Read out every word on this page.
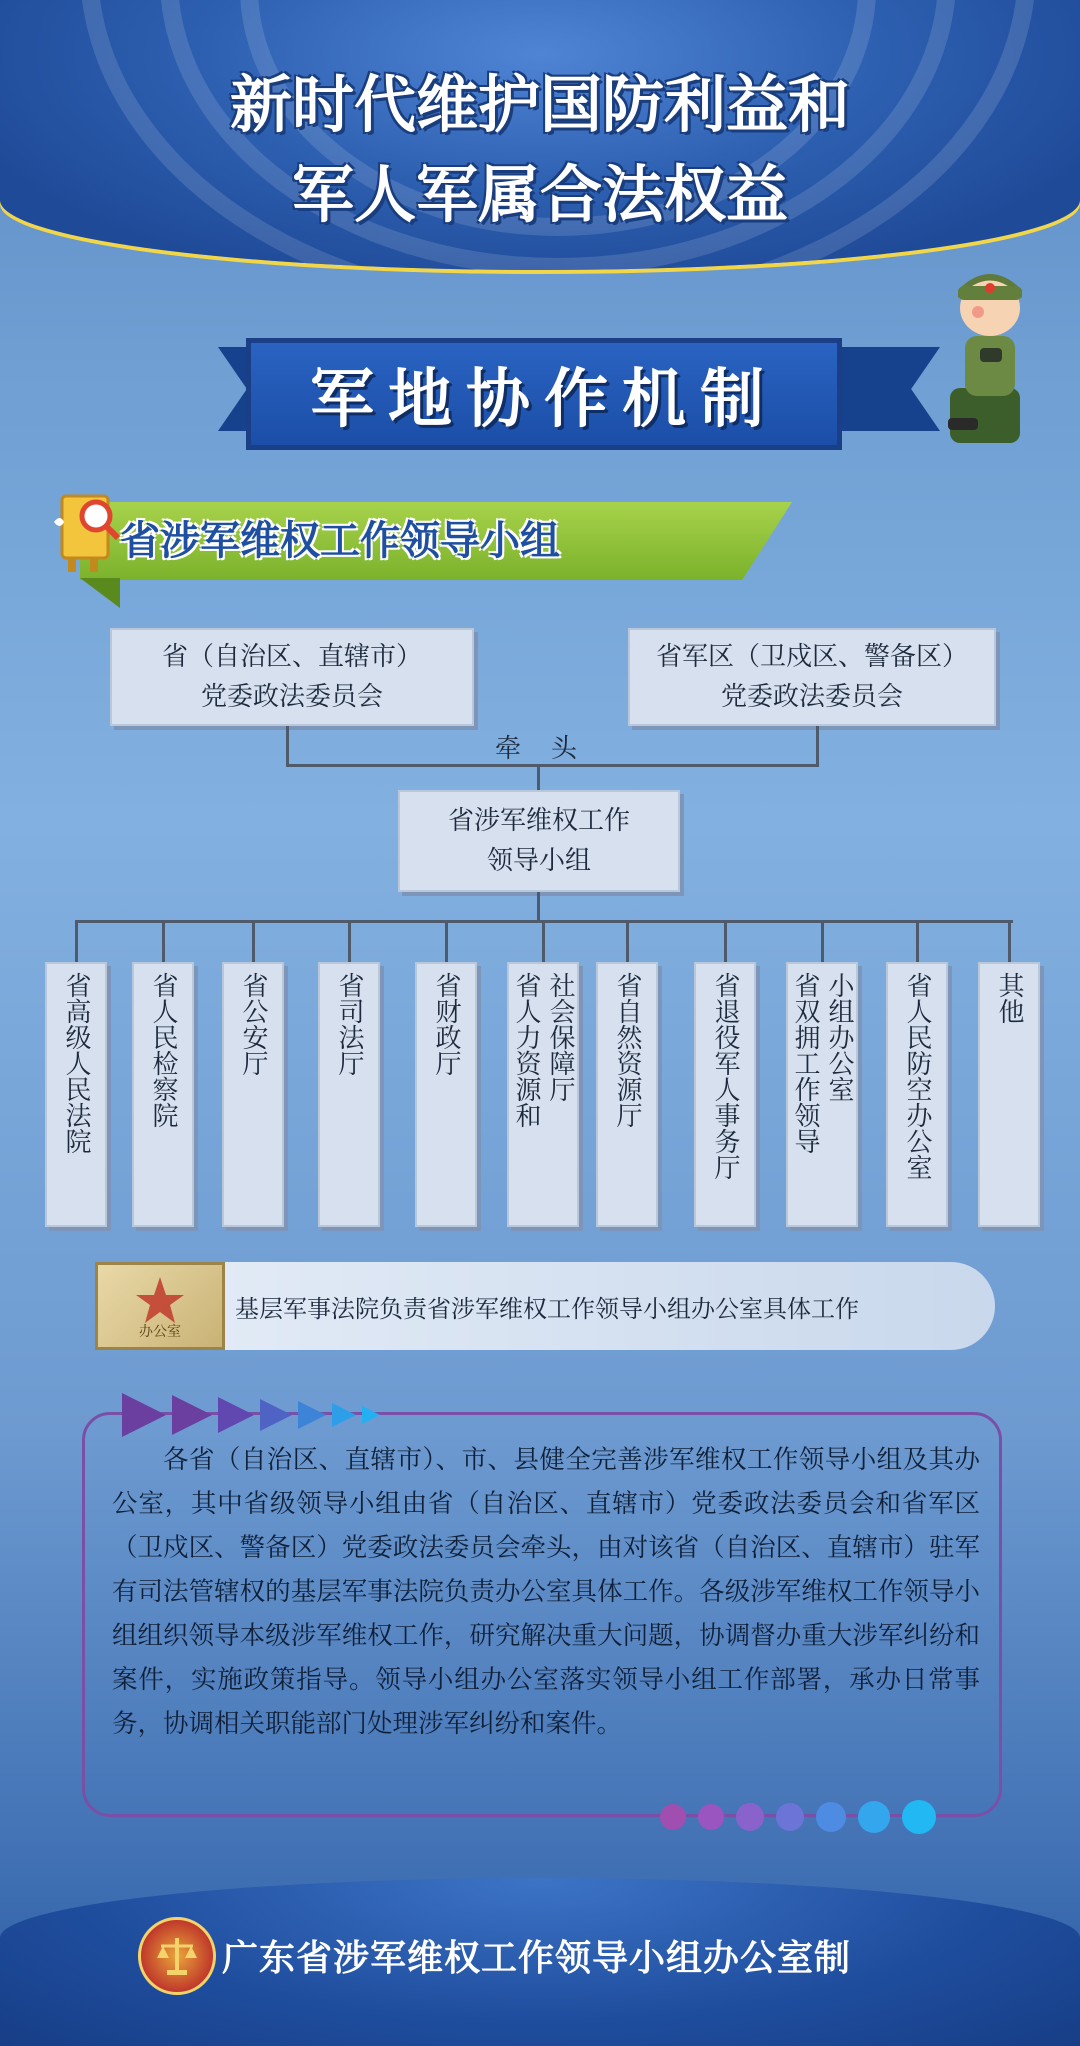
新时代维护国防利益和
军人军属合法权益
军地协作机制
省涉军维权工作领导小组
省（自治区、直辖市）
党委政法委员会
省军区（卫戍区、警备区）
党委政法委员会
牵头
省涉军维权工作
领导小组
省高级人民法院 省人民检察院 省公安厅	省司法厅	省财政厅	社会保障厅
省人力资源和	省自然资源厅	省退役军人事务厅	小组办公室
省双拥工作领导	省人民防空办公室 其他
基层军事法院负责省涉军维权工作领导小组办公室具体工作
办公室
各省（自治区、直辖市）、市、县健全完善涉军维权工作领导小组及其办公室，其中省级领导小组由省（自治区、直辖市）党委政法委员会和省军区（卫戍区、警备区）党委政法委员会牵头，由对该省（自治区、直辖市）驻军有司法管辖权的基层军事法院负责办公室具体工作。各级涉军维权工作领导小组组织领导本级涉军维权工作，研究解决重大问题，协调督办重大涉军纠纷和案件，实施政策指导。领导小组办公室落实领导小组工作部署，承办日常事务，协调相关职能部门处理涉军纠纷和案件。
广东省涉军维权工作领导小组办公室制
